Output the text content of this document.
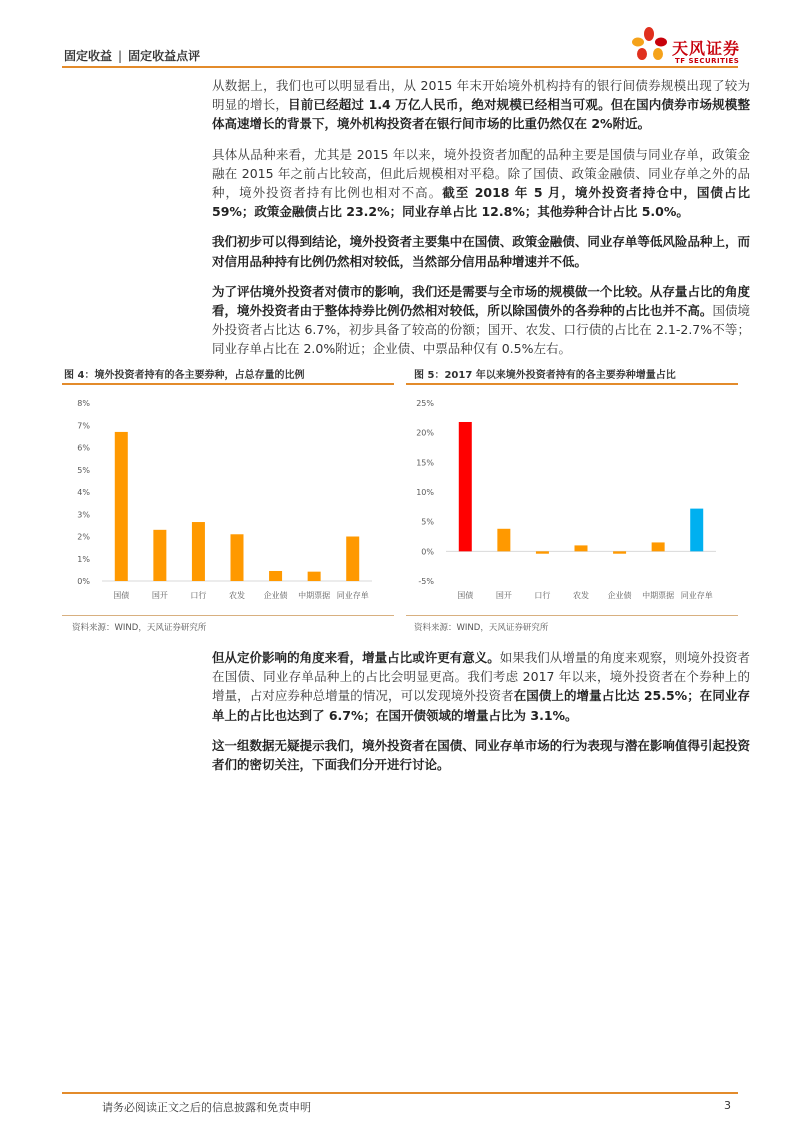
固定收益 | 固定收益点评	天风证券
TF SECURITIES

从数据上，我们也可以明显看出，从 2015 年末开始境外机构持有的银行间债券规模出现了较为明显的增长，目前已经超过 1.4 万亿人民币，绝对规模已经相当可观。但在国内债券市场规模整体高速增长的背景下，境外机构投资者在银行间市场的比重仍然仅在 2%附近。

具体从品种来看，尤其是 2015 年以来，境外投资者加配的品种主要是国债与同业存单，政策金融在 2015 年之前占比较高，但此后规模相对平稳。除了国债、政策金融债、同业存单之外的品种，境外投资者持有比例也相对不高。截至 2018 年 5 月，境外投资者持仓中，国债占比 59%；政策金融债占比 23.2%；同业存单占比 12.8%；其他券种合计占比 5.0%。

我们初步可以得到结论，境外投资者主要集中在国债、政策金融债、同业存单等低风险品种上，而对信用品种持有比例仍然相对较低，当然部分信用品种增速并不低。

为了评估境外投资者对债市的影响，我们还是需要与全市场的规模做一个比较。从存量占比的角度看，境外投资者由于整体持券比例仍然相对较低，所以除国债外的各券种的占比也并不高。国债境外投资者占比达 6.7%，初步具备了较高的份额；国开、农发、口行债的占比在 2.1-2.7%不等；同业存单占比在 2.0%附近；企业债、中票品种仅有 0.5%左右。

图 4：境外投资者持有的各主要券种，占总存量的比例
0%
1%
2%
3%
4%
5%
6%
7%
8%
国债	国开	口行	农发 企业债 中期票据 同业存单
资料来源：WIND，天风证券研究所
图 5：2017 年以来境外投资者持有的各主要券种增量占比
-5%
0%
5%
10%
15%
20%
25%
国债	国开	口行	农发 企业债 中期票据 同业存单
资料来源：WIND，天风证券研究所

但从定价影响的角度来看，增量占比或许更有意义。如果我们从增量的角度来观察，则境外投资者在国债、同业存单品种上的占比会明显更高。我们考虑 2017 年以来，境外投资者在个券种上的增量，占对应券种总增量的情况，可以发现境外投资者在国债上的增量占比达 25.5%；在同业存单上的占比也达到了 6.7%；在国开债领域的增量占比为 3.1%。

这一组数据无疑提示我们，境外投资者在国债、同业存单市场的行为表现与潜在影响值得引起投资者们的密切关注，下面我们分开进行讨论。

请务必阅读正文之后的信息披露和免责申明	3
